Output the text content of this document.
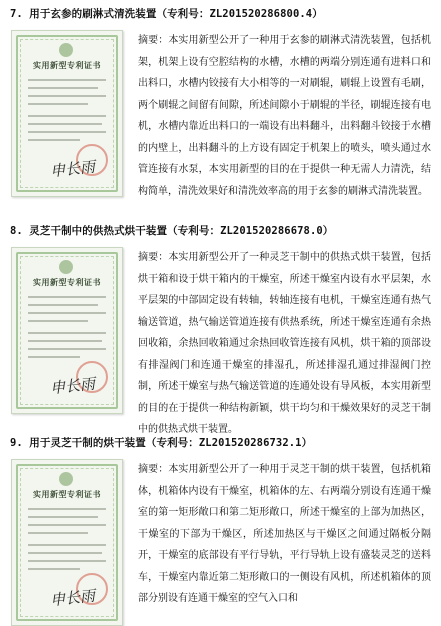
7. 用于玄参的刷淋式清洗装置（专利号：ZL201520286800.4）
实用新型专利证书
申长雨
摘要：本实用新型公开了一种用于玄参的刷淋式清洗装置，包括机架，机架上设有空腔结构的水槽，水槽的两端分别连通有进料口和出料口，水槽内铰接有大小相等的一对刷辊，刷辊上设置有毛刷，两个刷辊之间留有间隙，所述间隙小于刷辊的半径，刷辊连接有电机，水槽内靠近出料口的一端设有出料翻斗，出料翻斗铰接于水槽的内壁上，出料翻斗的上方设有固定于机架上的喷头，喷头通过水管连接有水泵，本实用新型的目的在于提供一种无需人力清洗，结构简单，清洗效果好和清洗效率高的用于玄参的刷淋式清洗装置。
8. 灵芝干制中的供热式烘干装置（专利号：ZL201520286678.0）
实用新型专利证书
申长雨
摘要：本实用新型公开了一种灵芝干制中的供热式烘干装置，包括烘干箱和设于烘干箱内的干燥室，所述干燥室内设有水平层架，水平层架的中部固定设有转轴，转轴连接有电机，干燥室连通有热气输送管道，热气输送管道连接有供热系统，所述干燥室连通有余热回收箱，余热回收箱通过余热回收管连接有风机，烘干箱的顶部设有排湿阀门和连通干燥室的排湿孔，所述排湿孔通过排湿阀门控制，所述干燥室与热气输送管道的连通处设有导风板，本实用新型的目的在于提供一种结构新颖，烘干均匀和干燥效果好的灵芝干制中的供热式烘干装置。
9. 用于灵芝干制的烘干装置（专利号：ZL201520286732.1）
实用新型专利证书
申长雨
摘要：本实用新型公开了一种用于灵芝干制的烘干装置，包括机箱体，机箱体内设有干燥室，机箱体的左、右两端分别设有连通干燥室的第一矩形敞口和第二矩形敞口，所述干燥室的上部为加热区，干燥室的下部为干燥区，所述加热区与干燥区之间通过隔板分隔开，干燥室的底部设有平行导轨，平行导轨上设有盛装灵芝的送料车，干燥室内靠近第二矩形敞口的一侧设有风机，所述机箱体的顶部分别设有连通干燥室的空气入口和
